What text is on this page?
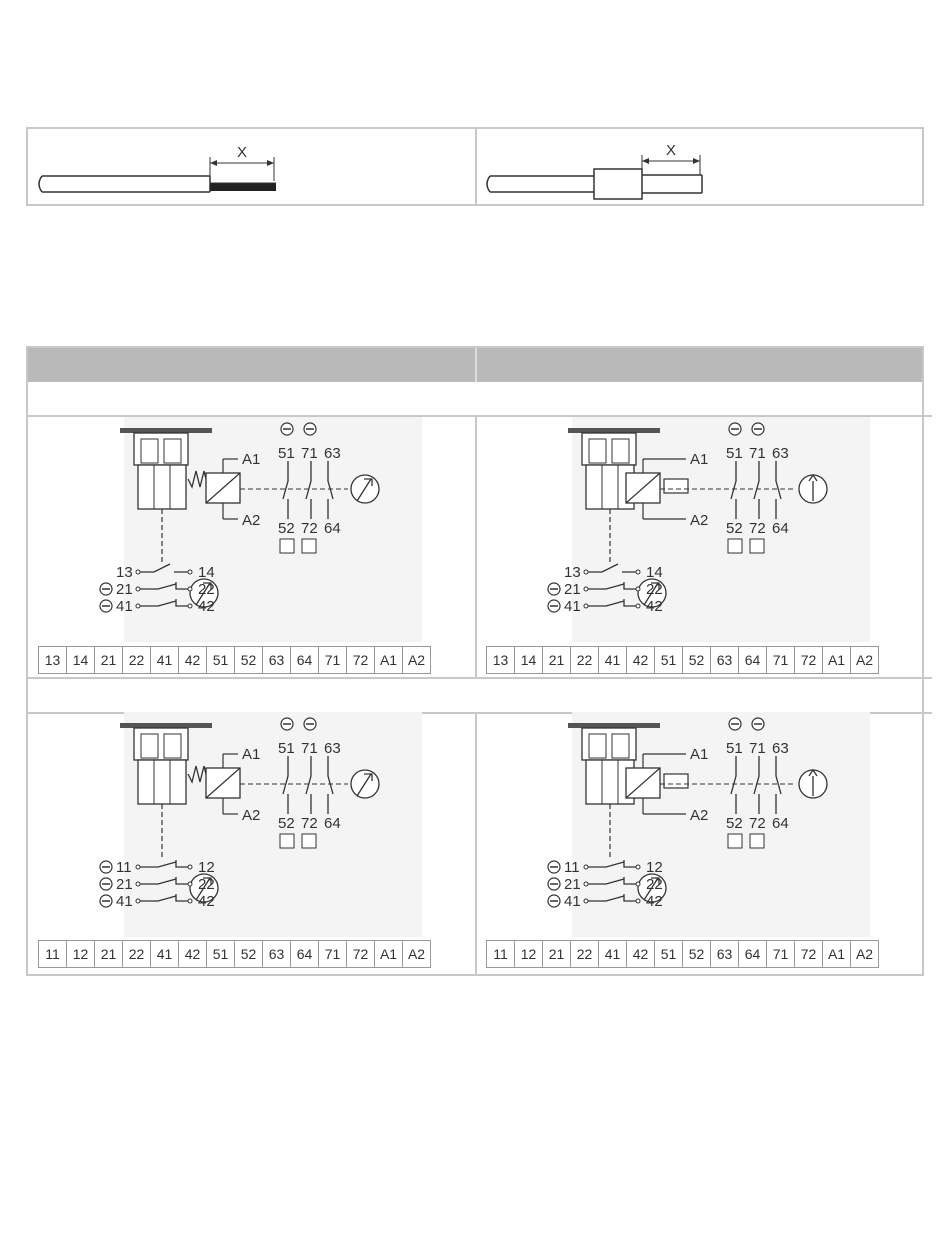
X	X
A1
A2
51 71 63
52 72 64
13	14
21	22
41	42
13 14 21 22 41 42 51 52 63 64 71 72 A1 A2
A1
A2
51 71 63
52 72 64
13	14
21	22
41	42
13 14 21 22 41 42 51 52 63 64 71 72 A1 A2
A1
A2
51 71 63
52 72 64
11	12
21	22
41	42
11 12 21 22 41 42 51 52 63 64 71 72 A1 A2
A1
A2
51 71 63
52 72 64
11	12
21	22
41	42
11 12 21 22 41 42 51 52 63 64 71 72 A1 A2
